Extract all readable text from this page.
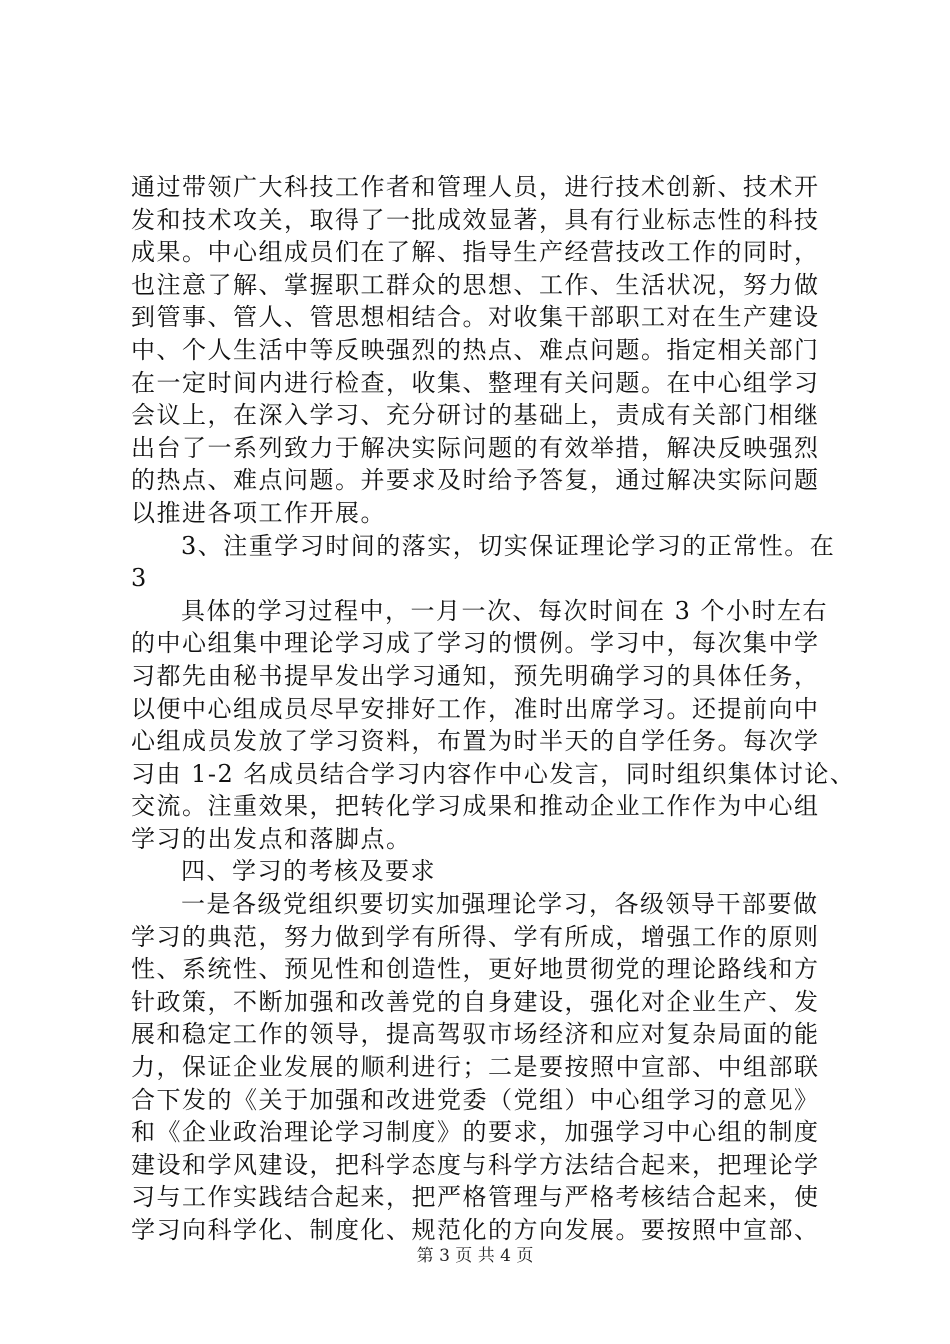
通过带领广大科技工作者和管理人员，进行技术创新、技术开
发和技术攻关，取得了一批成效显著，具有行业标志性的科技
成果。中心组成员们在了解、指导生产经营技改工作的同时，
也注意了解、掌握职工群众的思想、工作、生活状况，努力做
到管事、管人、管思想相结合。对收集干部职工对在生产建设
中、个人生活中等反映强烈的热点、难点问题。指定相关部门
在一定时间内进行检查，收集、整理有关问题。在中心组学习
会议上，在深入学习、充分研讨的基础上，责成有关部门相继
出台了一系列致力于解决实际问题的有效举措，解决反映强烈
的热点、难点问题。并要求及时给予答复，通过解决实际问题
以推进各项工作开展。
3、注重学习时间的落实，切实保证理论学习的正常性。在
3
具体的学习过程中，一月一次、每次时间在 3 个小时左右
的中心组集中理论学习成了学习的惯例。学习中，每次集中学
习都先由秘书提早发出学习通知，预先明确学习的具体任务，
以便中心组成员尽早安排好工作，准时出席学习。还提前向中
心组成员发放了学习资料，布置为时半天的自学任务。每次学
习由 1-2 名成员结合学习内容作中心发言，同时组织集体讨论、
交流。注重效果，把转化学习成果和推动企业工作作为中心组
学习的出发点和落脚点。
四、学习的考核及要求
一是各级党组织要切实加强理论学习，各级领导干部要做
学习的典范，努力做到学有所得、学有所成，增强工作的原则
性、系统性、预见性和创造性，更好地贯彻党的理论路线和方
针政策，不断加强和改善党的自身建设，强化对企业生产、发
展和稳定工作的领导，提高驾驭市场经济和应对复杂局面的能
力，保证企业发展的顺利进行；二是要按照中宣部、中组部联
合下发的《关于加强和改进党委（党组）中心组学习的意见》
和《企业政治理论学习制度》的要求，加强学习中心组的制度
建设和学风建设，把科学态度与科学方法结合起来，把理论学
习与工作实践结合起来，把严格管理与严格考核结合起来，使
学习向科学化、制度化、规范化的方向发展。要按照中宣部、
第 3 页 共 4 页
